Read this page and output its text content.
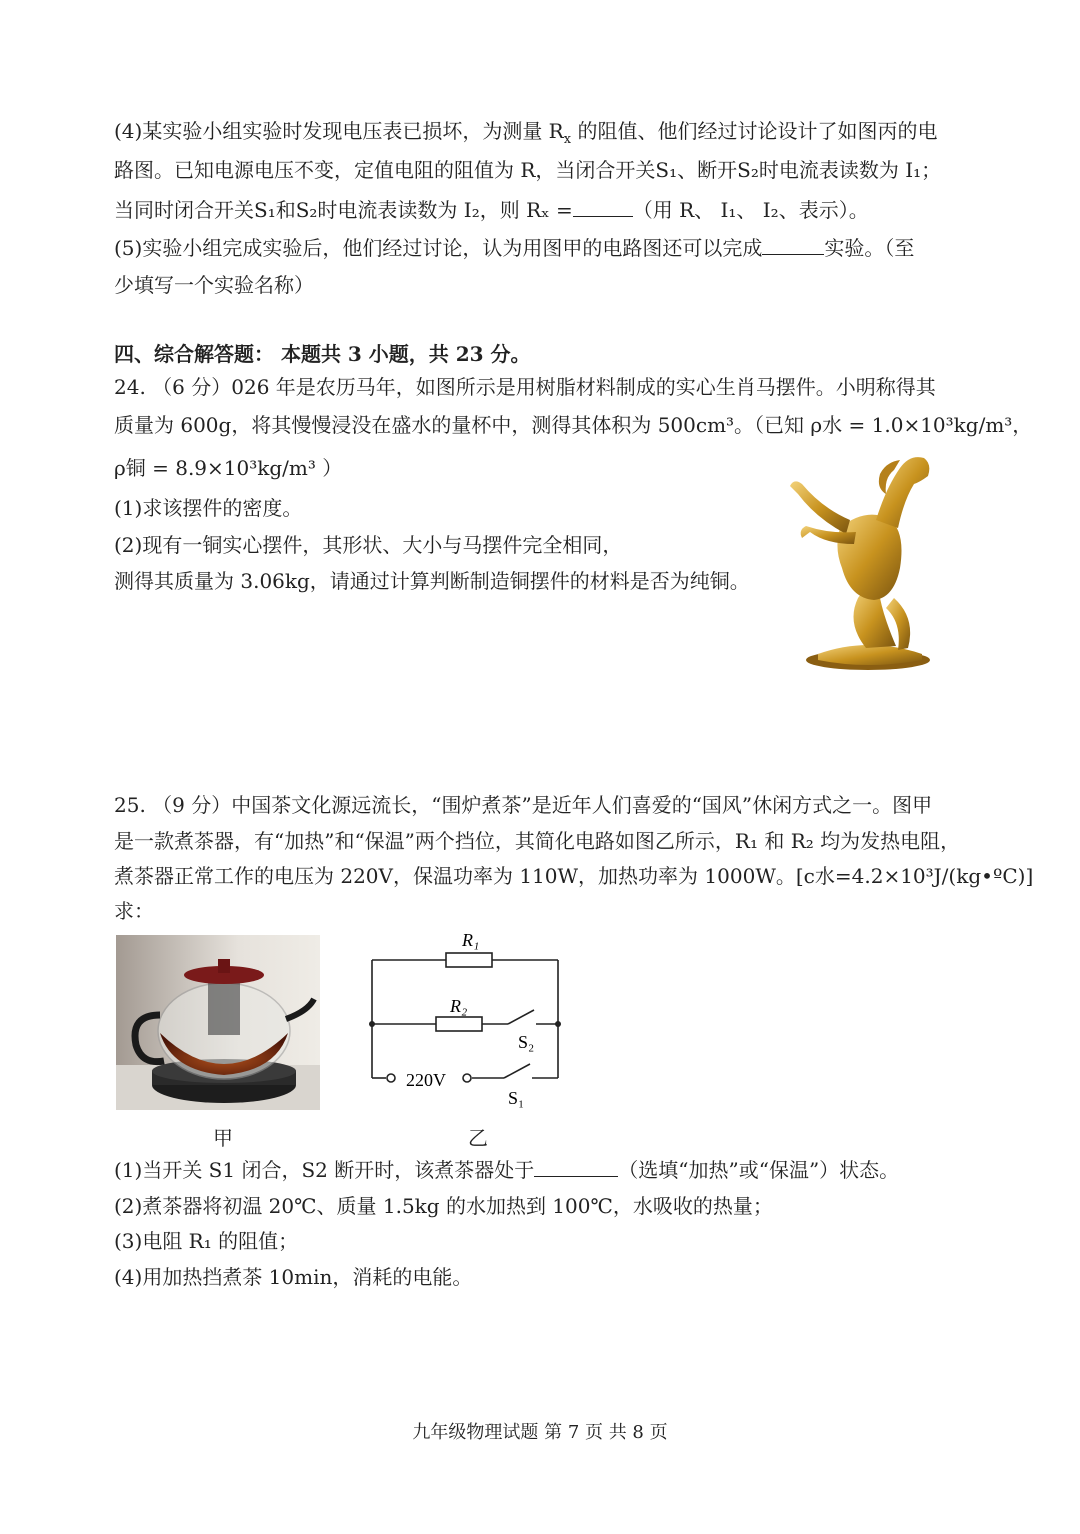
(4)某实验小组实验时发现电压表已损坏，为测量 $R_x$ 的阻值、他们经过讨论设计了如图丙的电
路图。已知电源电压不变，定值电阻的阻值为 R，当闭合开关S₁、断开S₂时电流表读数为 I₁；
当同时闭合开关S₁和S₂时电流表读数为 I₂，则 Rₓ =	（用 R、 I₁、 I₂、表示）。
(5)实验小组完成实验后，他们经过讨论，认为用图甲的电路图还可以完成	实验。（至
少填写一个实验名称）
四、综合解答题： 本题共 3 小题，共 23 分。
24. （6 分）026 年是农历马年，如图所示是用树脂材料制成的实心生肖马摆件。小明称得其
质量为 600g，将其慢慢浸没在盛水的量杯中，测得其体积为 500cm³。（已知 ρ水 = 1.0×10³kg/m³，
ρ铜 = 8.9×10³kg/m³ ）
(1)求该摆件的密度。
(2)现有一铜实心摆件，其形状、大小与马摆件完全相同，
测得其质量为 3.06kg，请通过计算判断制造铜摆件的材料是否为纯铜。
25. （9 分）中国茶文化源远流长，“围炉煮茶”是近年人们喜爱的“国风”休闲方式之一。图甲
是一款煮茶器，有“加热”和“保温”两个挡位，其简化电路如图乙所示，R₁ 和 R₂ 均为发热电阻，
煮茶器正常工作的电压为 220V，保温功率为 110W，加热功率为 1000W。[c水=4.2×10³J/(kg•ºC)]
求：
甲
R₁
R₂
S₂
220V
S₁
乙
(1)当开关 S1 闭合，S2 断开时，该煮茶器处于	（选填“加热”或“保温”）状态。
(2)煮茶器将初温 20℃、质量 1.5kg 的水加热到 100℃，水吸收的热量；
(3)电阻 R₁ 的阻值；
(4)用加热挡煮茶 10min，消耗的电能。
九年级物理试题 第 7 页 共 8 页
